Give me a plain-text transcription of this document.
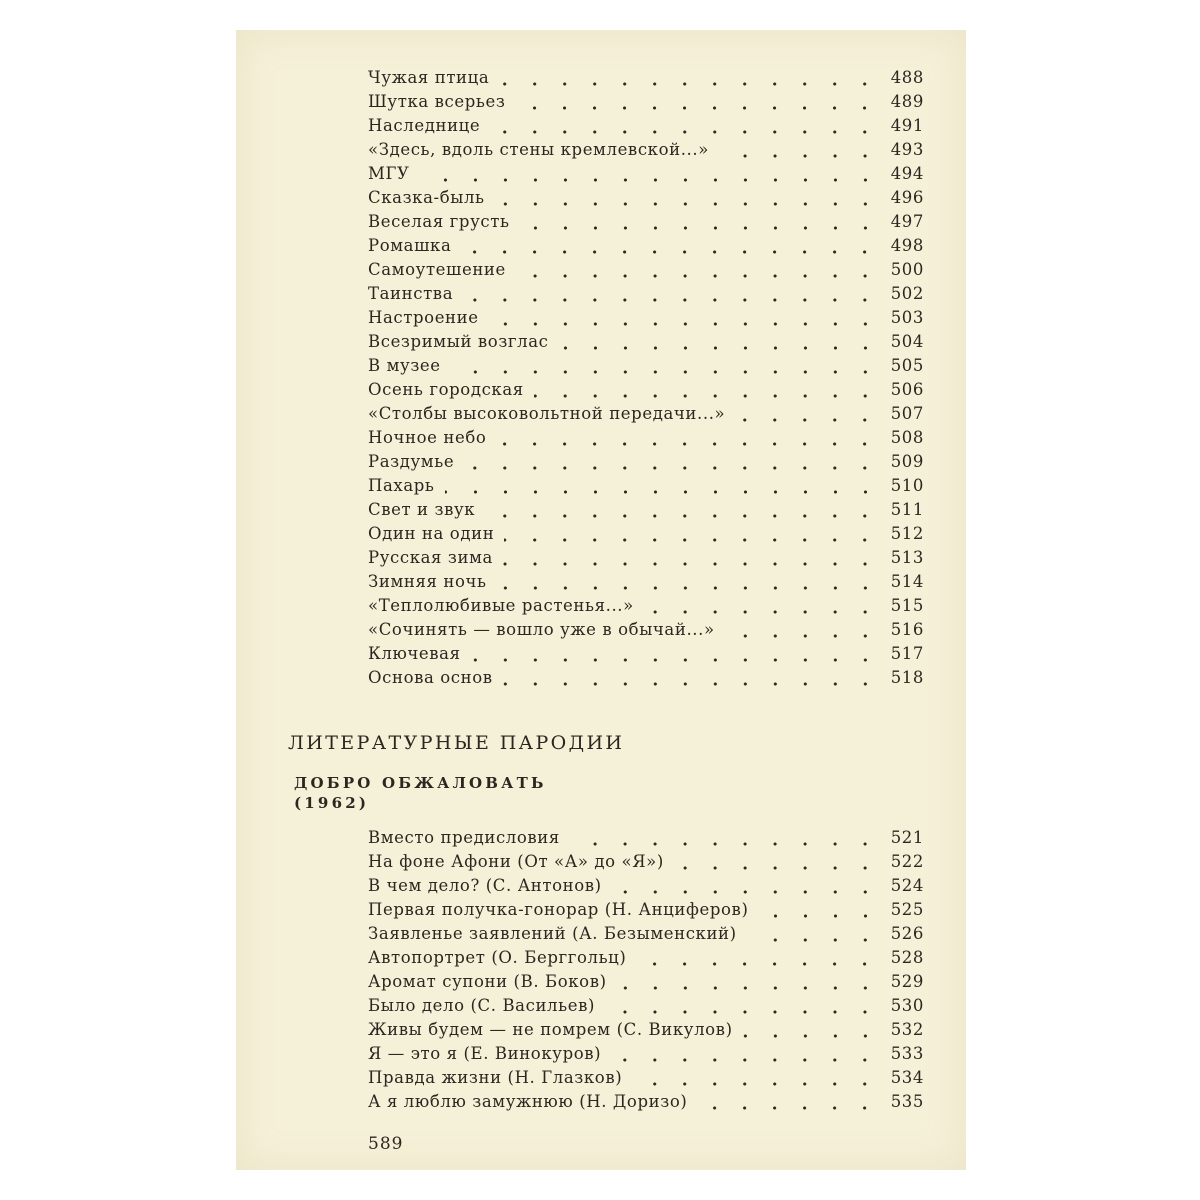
Чужая птица	488
Шутка всерьез	489
Наследнице	491
«Здесь, вдоль стены кремлевской...»	493
МГУ	494
Сказка-быль	496
Веселая грусть	497
Ромашка	498
Самоутешение	500
Таинства	502
Настроение	503
Всезримый возглас	504
В музее	505
Осень городская	506
«Столбы высоковольтной передачи...»	507
Ночное небо	508
Раздумье	509
Пахарь	510
Свет и звук	511
Один на один	512
Русская зима	513
Зимняя ночь	514
«Теплолюбивые растенья...»	515
«Сочинять — вошло уже в обычай...»	516
Ключевая	517
Основа основ	518
ЛИТЕРАТУРНЫЕ ПАРОДИИ
ДОБРО ОБЖАЛОВАТЬ
(1962)
Вместо предисловия	521
На фоне Афони (От «А» до «Я»)	522
В чем дело? (С. Антонов)	524
Первая получка-гонорар (Н. Анциферов)	525
Заявленье заявлений (А. Безыменский)	526
Автопортрет (О. Берггольц)	528
Аромат супони (В. Боков)	529
Было дело (С. Васильев)	530
Живы будем — не помрем (С. Викулов)	532
Я — это я (Е. Винокуров)	533
Правда жизни (Н. Глазков)	534
А я люблю замужнюю (Н. Доризо)	535
589
